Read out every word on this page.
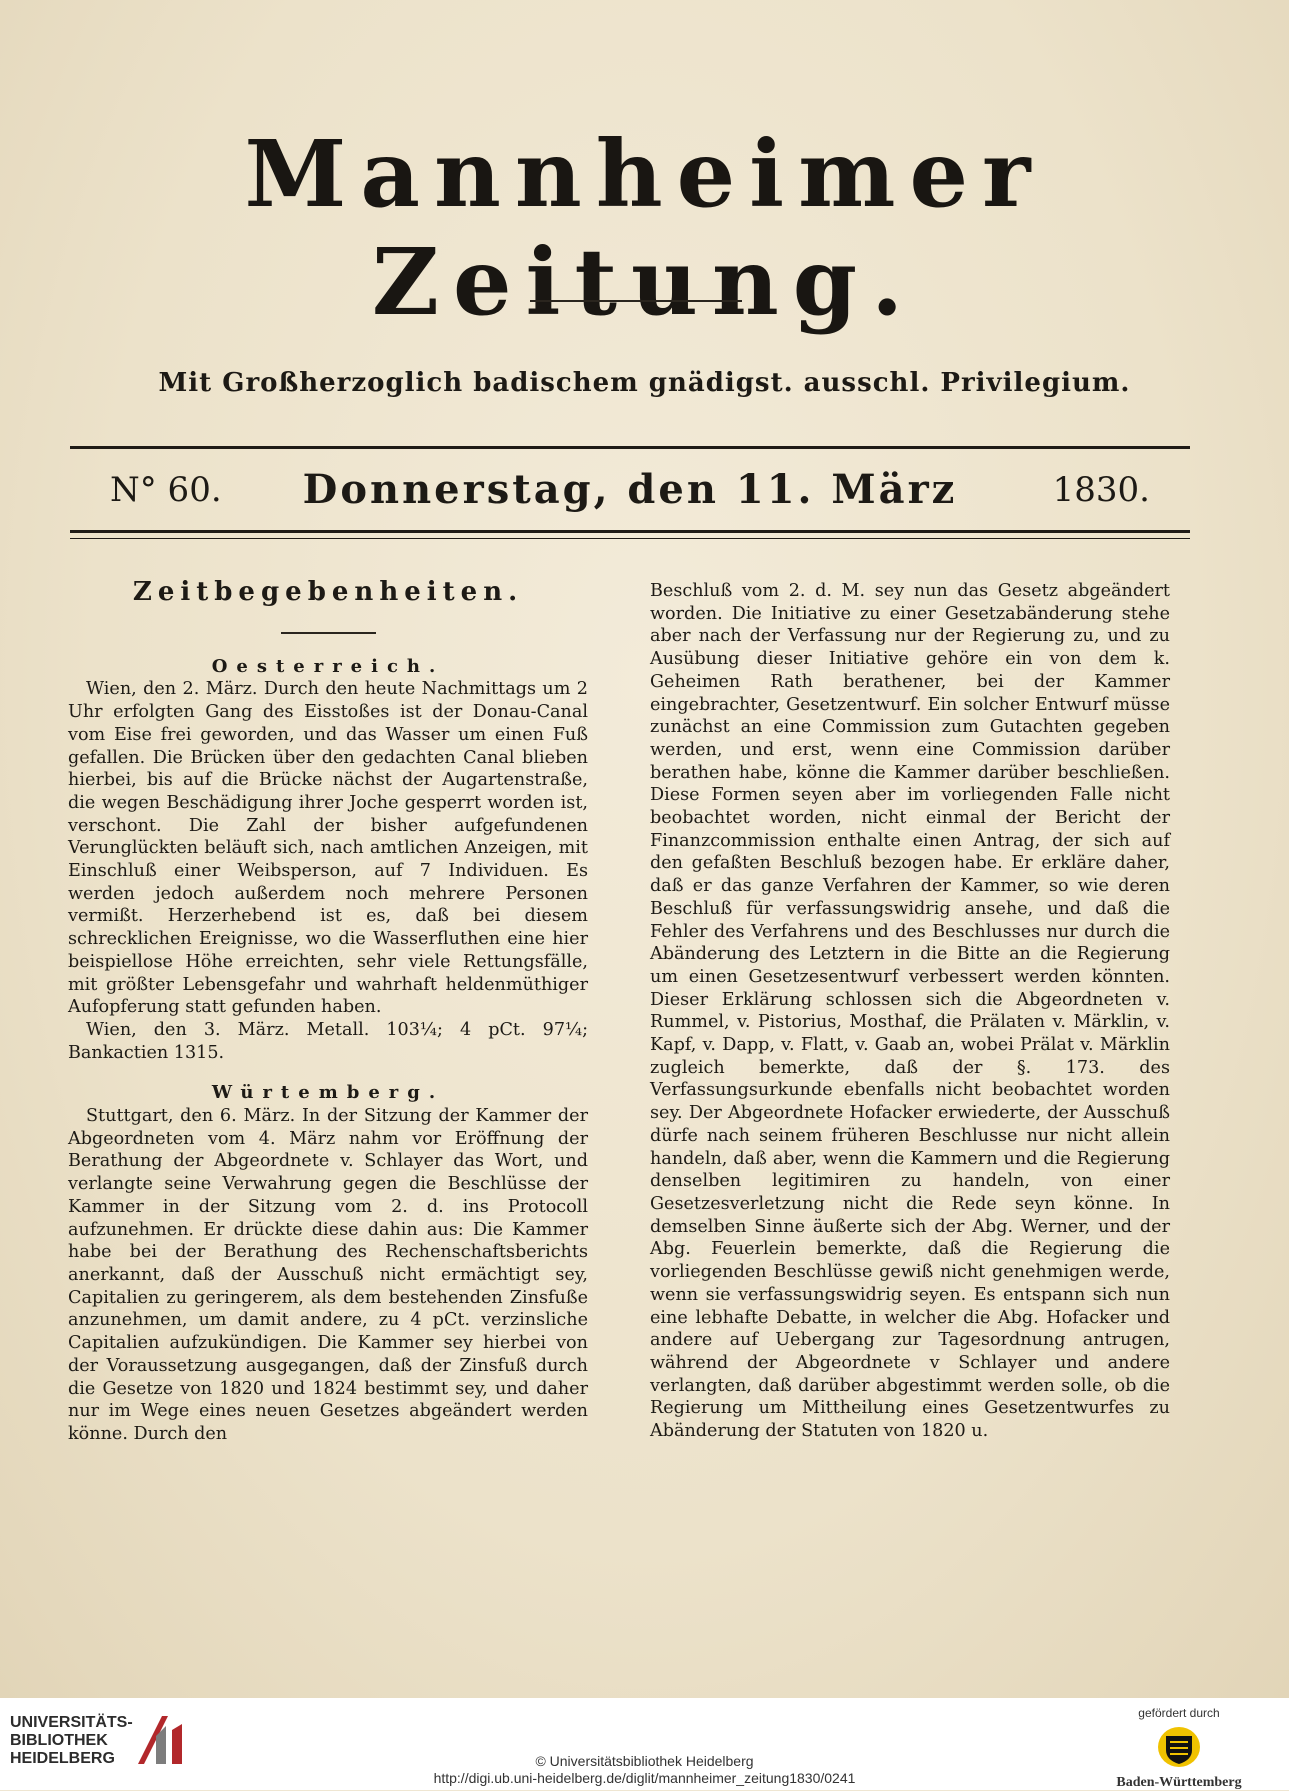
Mannheimer Zeitung.
Mit Großherzoglich badischem gnädigst. ausschl. Privilegium.
N° 60.	Donnerstag, den 11. März	1830.
Zeitbegebenheiten.

Oesterreich.

Wien, den 2. März. Durch den heute Nachmittags um 2 Uhr erfolgten Gang des Eisstoßes ist der Donau-Canal vom Eise frei geworden, und das Wasser um einen Fuß gefallen. Die Brücken über den gedachten Canal blieben hierbei, bis auf die Brücke nächst der Augartenstraße, die wegen Beschädigung ihrer Joche gesperrt worden ist, verschont. Die Zahl der bisher aufgefundenen Verunglückten beläuft sich, nach amtlichen Anzeigen, mit Einschluß einer Weibsperson, auf 7 Individuen. Es werden jedoch außerdem noch mehrere Personen vermißt. Herzerhebend ist es, daß bei diesem schrecklichen Ereignisse, wo die Wasserfluthen eine hier beispiellose Höhe erreichten, sehr viele Rettungsfälle, mit größter Lebensgefahr und wahrhaft heldenmüthiger Aufopferung statt gefunden haben.

Wien, den 3. März. Metall. 103¼; 4 pCt. 97¼; Bankactien 1315.

Würtemberg.

Stuttgart, den 6. März. In der Sitzung der Kammer der Abgeordneten vom 4. März nahm vor Eröffnung der Berathung der Abgeordnete v. Schlayer das Wort, und verlangte seine Verwahrung gegen die Beschlüsse der Kammer in der Sitzung vom 2. d. ins Protocoll aufzunehmen. Er drückte diese dahin aus: Die Kammer habe bei der Berathung des Rechenschaftsberichts anerkannt, daß der Ausschuß nicht ermächtigt sey, Capitalien zu geringerem, als dem bestehenden Zinsfuße anzunehmen, um damit andere, zu 4 pCt. verzinsliche Capitalien aufzukündigen. Die Kammer sey hierbei von der Voraussetzung ausgegangen, daß der Zinsfuß durch die Gesetze von 1820 und 1824 bestimmt sey, und daher nur im Wege eines neuen Gesetzes abgeändert werden könne. Durch den

Beschluß vom 2. d. M. sey nun das Gesetz abgeändert worden. Die Initiative zu einer Gesetzabänderung stehe aber nach der Verfassung nur der Regierung zu, und zu Ausübung dieser Initiative gehöre ein von dem k. Geheimen Rath berathener, bei der Kammer eingebrachter, Gesetzentwurf. Ein solcher Entwurf müsse zunächst an eine Commission zum Gutachten gegeben werden, und erst, wenn eine Commission darüber berathen habe, könne die Kammer darüber beschließen. Diese Formen seyen aber im vorliegenden Falle nicht beobachtet worden, nicht einmal der Bericht der Finanzcommission enthalte einen Antrag, der sich auf den gefaßten Beschluß bezogen habe. Er erkläre daher, daß er das ganze Verfahren der Kammer, so wie deren Beschluß für verfassungswidrig ansehe, und daß die Fehler des Verfahrens und des Beschlusses nur durch die Abänderung des Letztern in die Bitte an die Regierung um einen Gesetzesentwurf verbessert werden könnten. Dieser Erklärung schlossen sich die Abgeordneten v. Rummel, v. Pistorius, Mosthaf, die Prälaten v. Märklin, v. Kapf, v. Dapp, v. Flatt, v. Gaab an, wobei Prälat v. Märklin zugleich bemerkte, daß der §. 173. des Verfassungsurkunde ebenfalls nicht beobachtet worden sey. Der Abgeordnete Hofacker erwiederte, der Ausschuß dürfe nach seinem früheren Beschlusse nur nicht allein handeln, daß aber, wenn die Kammern und die Regierung denselben legitimiren zu handeln, von einer Gesetzesverletzung nicht die Rede seyn könne. In demselben Sinne äußerte sich der Abg. Werner, und der Abg. Feuerlein bemerkte, daß die Regierung die vorliegenden Beschlüsse gewiß nicht genehmigen werde, wenn sie verfassungswidrig seyen. Es entspann sich nun eine lebhafte Debatte, in welcher die Abg. Hofacker und andere auf Uebergang zur Tagesordnung antrugen, während der Abgeordnete v Schlayer und andere verlangten, daß darüber abgestimmt werden solle, ob die Regierung um Mittheilung eines Gesetzentwurfes zu Abänderung der Statuten von 1820 u.

UNIVERSITÄTS-
BIBLIOTHEK
HEIDELBERG	© Universitätsbibliothek Heidelberg
http://digi.ub.uni-heidelberg.de/diglit/mannheimer_zeitung1830/0241
gefördert durch
Baden-Württemberg
